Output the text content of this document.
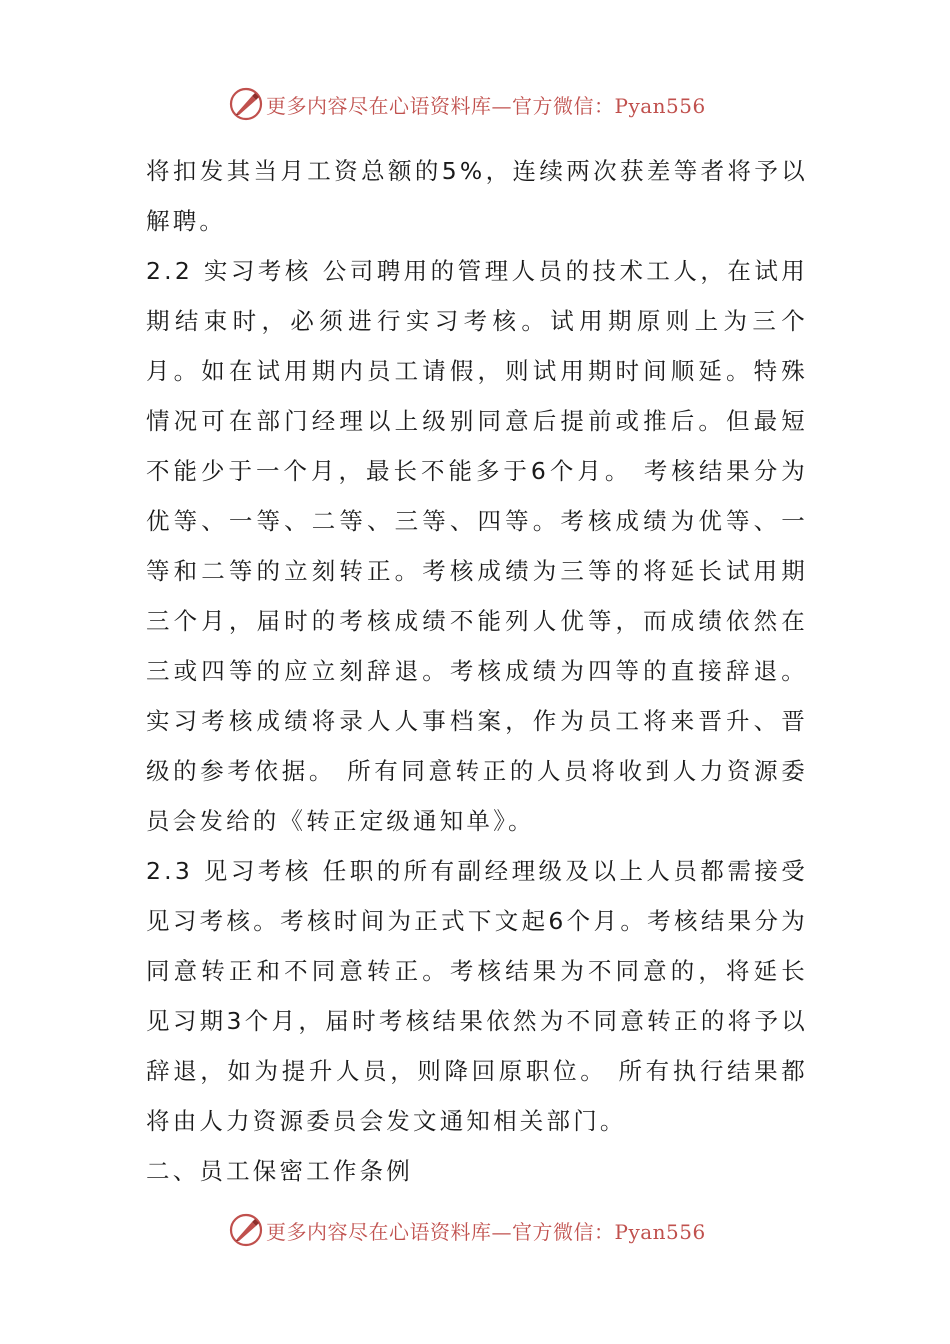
更多内容尽在心语资料库—官方微信：Pyan556

将扣发其当月工资总额的5%，连续两次获差等者将予以解聘。

2.2 实习考核 公司聘用的管理人员的技术工人，在试用期结束时，必须进行实习考核。试用期原则上为三个月。如在试用期内员工请假，则试用期时间顺延。特殊情况可在部门经理以上级别同意后提前或推后。但最短不能少于一个月，最长不能多于6个月。 考核结果分为优等、一等、二等、三等、四等。考核成绩为优等、一等和二等的立刻转正。考核成绩为三等的将延长试用期三个月，届时的考核成绩不能列人优等，而成绩依然在三或四等的应立刻辞退。考核成绩为四等的直接辞退。实习考核成绩将录人人事档案，作为员工将来晋升、晋级的参考依据。 所有同意转正的人员将收到人力资源委员会发给的《转正定级通知单》。

2.3 见习考核 任职的所有副经理级及以上人员都需接受见习考核。考核时间为正式下文起6个月。考核结果分为同意转正和不同意转正。考核结果为不同意的，将延长见习期3个月，届时考核结果依然为不同意转正的将予以辞退，如为提升人员，则降回原职位。 所有执行结果都将由人力资源委员会发文通知相关部门。

二、员工保密工作条例

更多内容尽在心语资料库—官方微信：Pyan556
